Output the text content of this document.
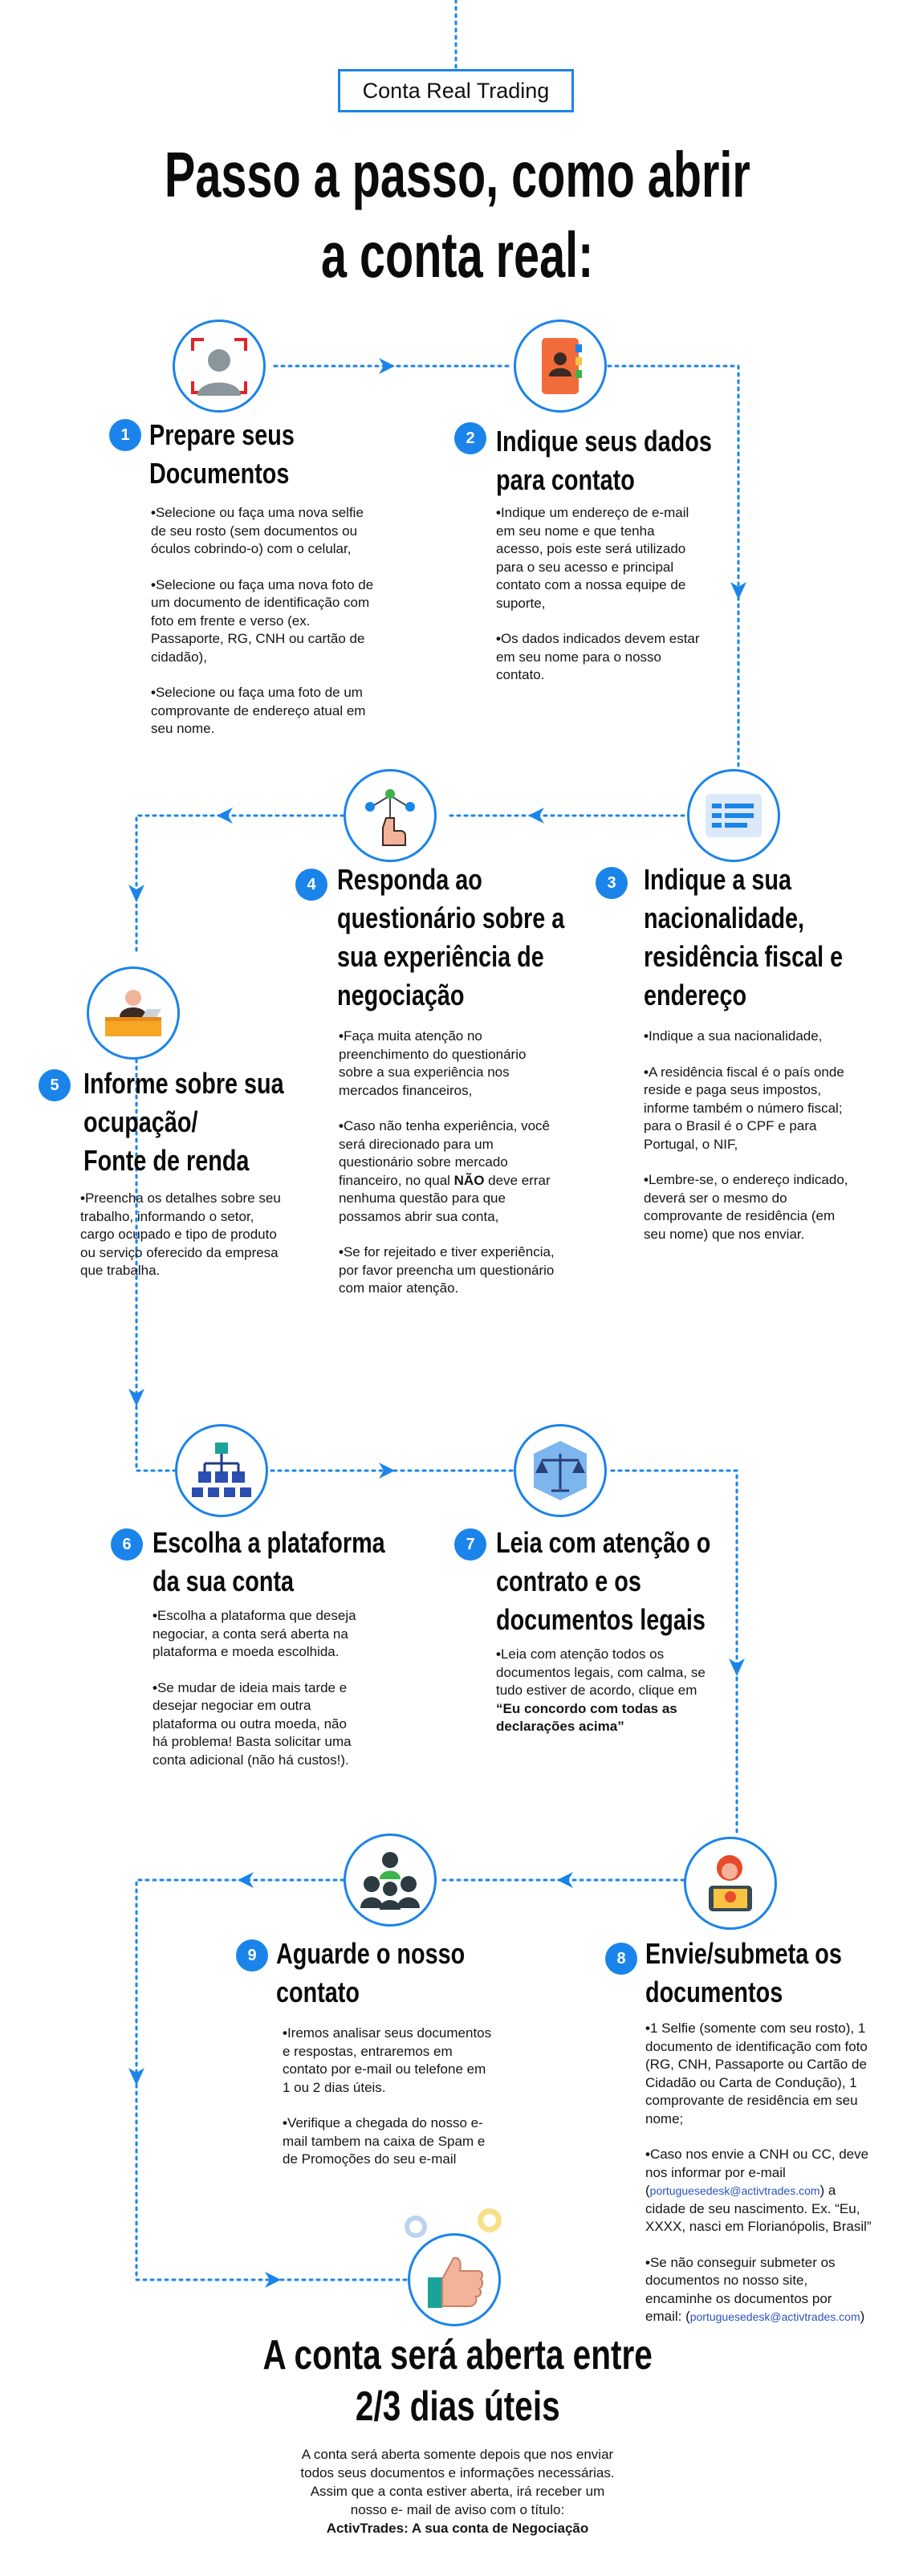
Conta Real Trading
Passo a passo, como abrir
a conta real:
1 Prepare seus
Documentos
• Selecione ou faça uma nova selfie de seu rosto (sem documentos ou óculos cobrindo-o) com o celular,
• Selecione ou faça uma nova foto de um documento de identificação com foto em frente e verso (ex. Passaporte, RG, CNH ou cartão de cidadão),
• Selecione ou faça uma foto de um comprovante de endereço atual em seu nome.
2 Indique seus dados
para contato
• Indique um endereço de e-mail em seu nome e que tenha acesso, pois este será utilizado para o seu acesso e principal contato com a nossa equipe de suporte,
• Os dados indicados devem estar em seu nome para o nosso contato.
3 Indique a sua
nacionalidade,
residência fiscal e
endereço
• Indique a sua nacionalidade,
• A residência fiscal é o país onde reside e paga seus impostos, informe também o número fiscal; para o Brasil é o CPF e para Portugal, o NIF,
• Lembre-se, o endereço indicado, deverá ser o mesmo do comprovante de residência (em seu nome) que nos enviar.
4 Responda ao
questionário sobre a
sua experiência de
negociação
• Faça muita atenção no preenchimento do questionário sobre a sua experiência nos mercados financeiros,
• Caso não tenha experiência, você será direcionado para um questionário sobre mercado financeiro, no qual NÃO deve errar nenhuma questão para que possamos abrir sua conta,
• Se for rejeitado e tiver experiência, por favor preencha um questionário com maior atenção.
5 Informe sobre sua
ocupação/
Fonte de renda
• Preencha os detalhes sobre seu trabalho, informando o setor, cargo ocupado e tipo de produto ou serviço oferecido da empresa que trabalha.
6 Escolha a plataforma
da sua conta
• Escolha a plataforma que deseja negociar, a conta será aberta na plataforma e moeda escolhida.
• Se mudar de ideia mais tarde e desejar negociar em outra plataforma ou outra moeda, não há problema! Basta solicitar uma conta adicional (não há custos!).
7 Leia com atenção o
contrato e os
documentos legais
• Leia com atenção todos os documentos legais, com calma, se tudo estiver de acordo, clique em “Eu concordo com todas as declarações acima”
8 Envie/submeta os
documentos
• 1 Selfie (somente com seu rosto), 1 documento de identificação com foto (RG, CNH, Passaporte ou Cartão de Cidadão ou Carta de Condução), 1 comprovante de residência em seu nome;
• Caso nos envie a CNH ou CC, deve nos informar por e-mail (portuguesedesk@activtrades.com) a cidade de seu nascimento. Ex. “Eu, XXXX, nasci em Florianópolis, Brasil”
• Se não conseguir submeter os documentos no nosso site, encaminhe os documentos por email: (portuguesedesk@activtrades.com)
9 Aguarde o nosso
contato
• Iremos analisar seus documentos e respostas, entraremos em contato por e-mail ou telefone em 1 ou 2 dias úteis.
• Verifique a chegada do nosso e-mail tambem na caixa de Spam e de Promoções do seu e-mail
A conta será aberta entre
2/3 dias úteis
A conta será aberta somente depois que nos enviar
todos seus documentos e informações necessárias.
Assim que a conta estiver aberta, irá receber um
nosso e- mail de aviso com o título:
ActivTrades: A sua conta de Negociação
